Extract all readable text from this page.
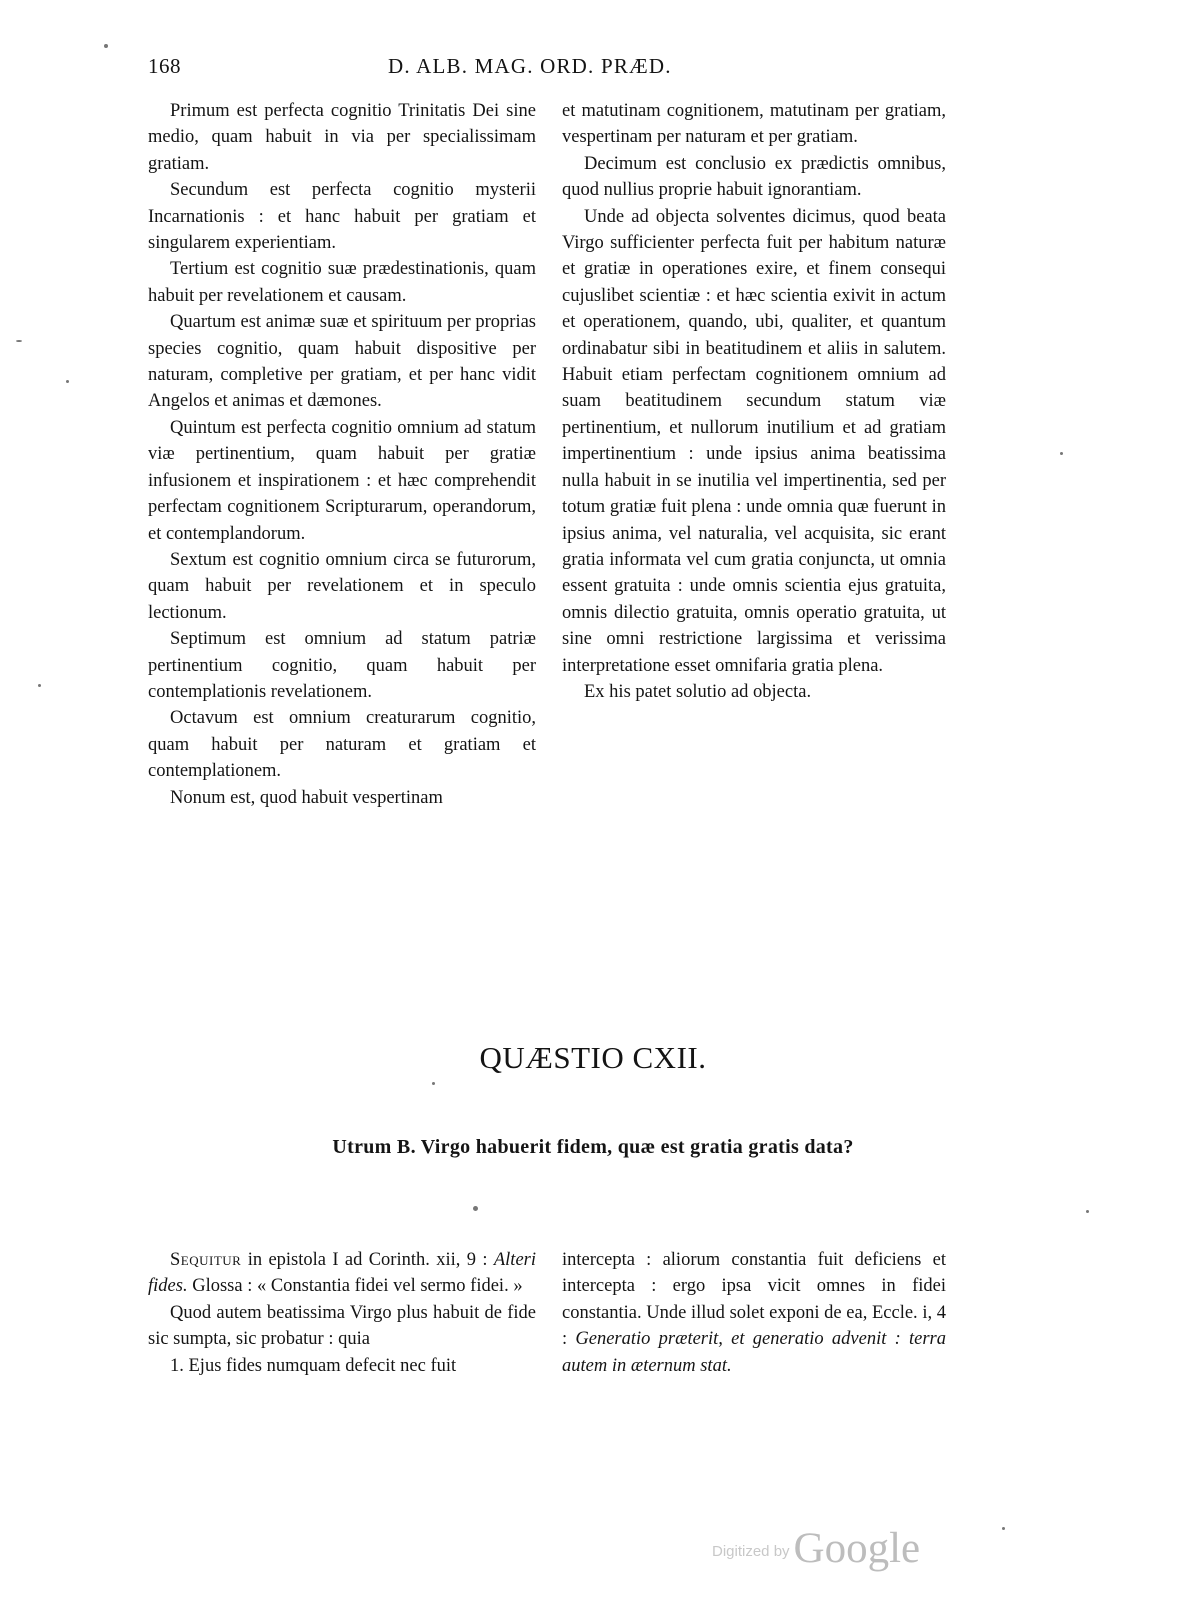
168	D. ALB. MAG. ORD. PRÆD.

Primum est perfecta cognitio Trinitatis Dei sine medio, quam habuit in via per specialissimam gratiam.

Secundum est perfecta cognitio mysterii Incarnationis : et hanc habuit per gratiam et singularem experientiam.

Tertium est cognitio suæ prædestinationis, quam habuit per revelationem et causam.

Quartum est animæ suæ et spirituum per proprias species cognitio, quam habuit dispositive per naturam, completive per gratiam, et per hanc vidit Angelos et animas et dæmones.

Quintum est perfecta cognitio omnium ad statum viæ pertinentium, quam habuit per gratiæ infusionem et inspirationem : et hæc comprehendit perfectam cognitionem Scripturarum, operandorum, et contemplandorum.

Sextum est cognitio omnium circa se futurorum, quam habuit per revelationem et in speculo lectionum.

Septimum est omnium ad statum patriæ pertinentium cognitio, quam habuit per contemplationis revelationem.

Octavum est omnium creaturarum cognitio, quam habuit per naturam et gratiam et contemplationem.

Nonum est, quod habuit vespertinam

et matutinam cognitionem, matutinam per gratiam, vespertinam per naturam et per gratiam.

Decimum est conclusio ex prædictis omnibus, quod nullius proprie habuit ignorantiam.

Unde ad objecta solventes dicimus, quod beata Virgo sufficienter perfecta fuit per habitum naturæ et gratiæ in operationes exire, et finem consequi cujuslibet scientiæ : et hæc scientia exivit in actum et operationem, quando, ubi, qualiter, et quantum ordinabatur sibi in beatitudinem et aliis in salutem. Habuit etiam perfectam cognitionem omnium ad suam beatitudinem secundum statum viæ pertinentium, et nullorum inutilium et ad gratiam impertinentium : unde ipsius anima beatissima nulla habuit in se inutilia vel impertinentia, sed per totum gratiæ fuit plena : unde omnia quæ fuerunt in ipsius anima, vel naturalia, vel acquisita, sic erant gratia informata vel cum gratia conjuncta, ut omnia essent gratuita : unde omnis scientia ejus gratuita, omnis dilectio gratuita, omnis operatio gratuita, ut sine omni restrictione largissima et verissima interpretatione esset omnifaria gratia plena.

Ex his patet solutio ad objecta.

QUÆSTIO CXII.
Utrum B. Virgo habuerit fidem, quæ est gratia gratis data?

Sequitur in epistola I ad Corinth. xii, 9 : Alteri fides. Glossa : « Constantia fidei vel sermo fidei. »

Quod autem beatissima Virgo plus habuit de fide sic sumpta, sic probatur : quia

1. Ejus fides numquam defecit nec fuit

intercepta : aliorum constantia fuit deficiens et intercepta : ergo ipsa vicit omnes in fidei constantia. Unde illud solet exponi de ea, Eccle. i, 4 : Generatio præterit, et generatio advenit : terra autem in æternum stat.

Digitized by Google
